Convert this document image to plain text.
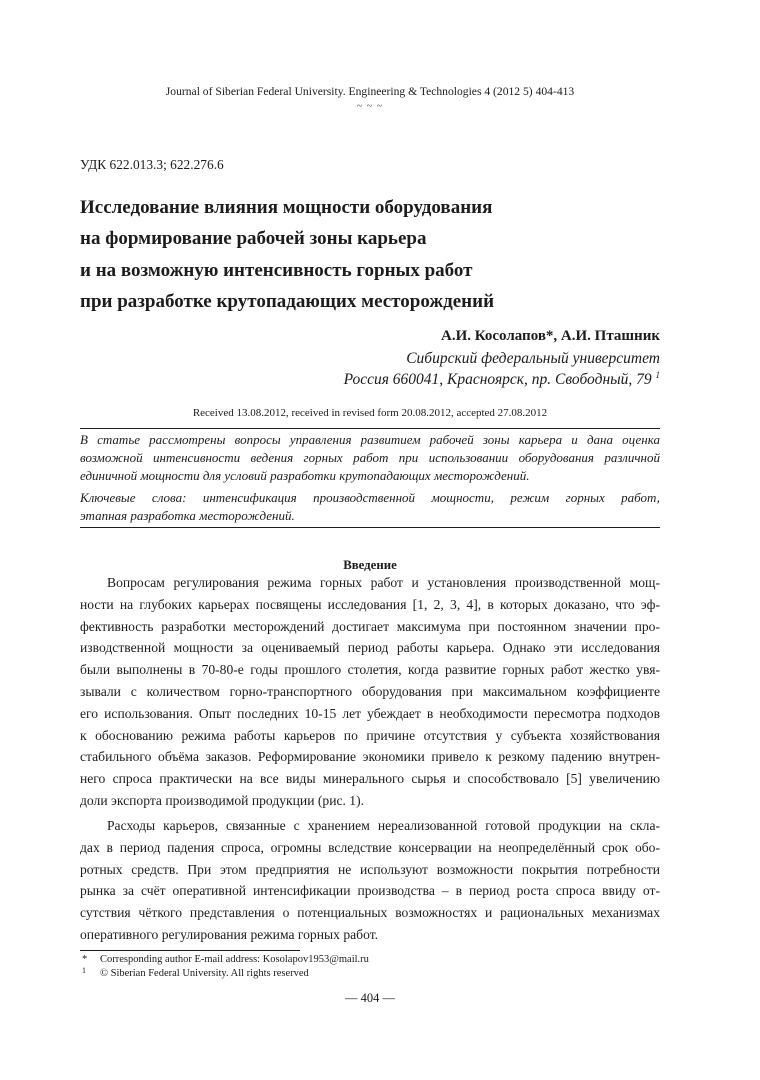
Journal of Siberian Federal University. Engineering & Technologies 4 (2012 5) 404-413
~ ~ ~
УДК 622.013.3; 622.276.6
Исследование влияния мощности оборудования
на формирование рабочей зоны карьера
и на возможную интенсивность горных работ
при разработке крутопадающих месторождений
А.И. Косолапов*, А.И. Пташник
Сибирский федеральный университет
Россия 660041, Красноярск, пр. Свободный, 79 $^1$
Received 13.08.2012, received in revised form 20.08.2012, accepted 27.08.2012
В статье рассмотрены вопросы управления развитием рабочей зоны карьера и дана оценка
возможной интенсивности ведения горных работ при использовании оборудования различной
единичной мощности для условий разработки крутопадающих месторождений.
Ключевые слова: интенсификация производственной мощности, режим горных работ,
этапная разработка месторождений.
Введение
Вопросам регулирования режима горных работ и установления производственной мощ-
ности на глубоких карьерах посвящены исследования [1, 2, 3, 4], в которых доказано, что эф-
фективность разработки месторождений достигает максимума при постоянном значении про-
изводственной мощности за оцениваемый период работы карьера. Однако эти исследования
были выполнены в 70-80-е годы прошлого столетия, когда развитие горных работ жестко увя-
зывали с количеством горно-транспортного оборудования при максимальном коэффициенте
его использования. Опыт последних 10-15 лет убеждает в необходимости пересмотра подходов
к обоснованию режима работы карьеров по причине отсутствия у субъекта хозяйствования
стабильного объёма заказов. Реформирование экономики привело к резкому падению внутрен-
него спроса практически на все виды минерального сырья и способствовало [5] увеличению
доли экспорта производимой продукции (рис. 1).
Расходы карьеров, связанные с хранением нереализованной готовой продукции на скла-
дах в период падения спроса, огромны вследствие консервации на неопределённый срок обо-
ротных средств. При этом предприятия не используют возможности покрытия потребности
рынка за счёт оперативной интенсификации производства – в период роста спроса ввиду от-
сутствия чёткого представления о потенциальных возможностях и рациональных механизмах
оперативного регулирования режима горных работ.
* Corresponding author E-mail address: Kosolapov1953@mail.ru
1 © Siberian Federal University. All rights reserved
— 404 —
